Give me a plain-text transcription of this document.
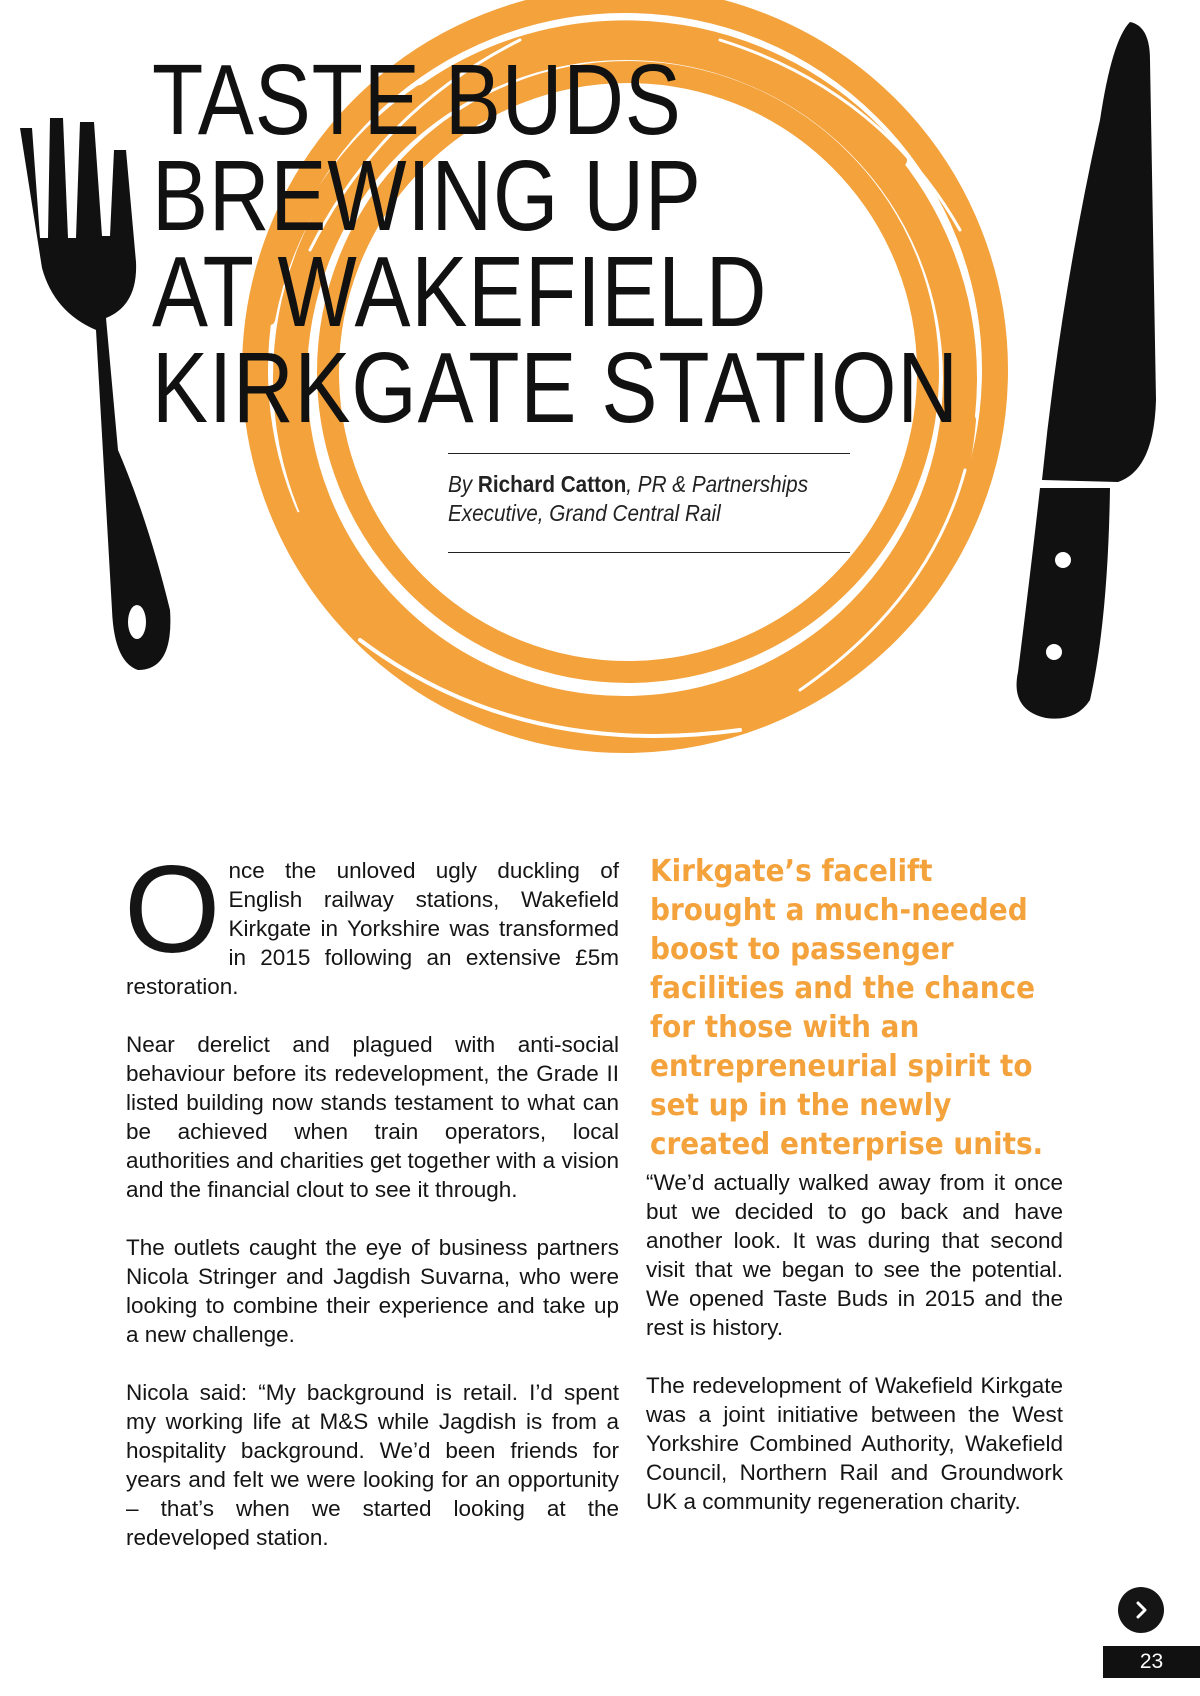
TASTE BUDS
BREWING UP
AT WAKEFIELD
KIRKGATE STATION
By Richard Catton, PR & Partnerships
Executive, Grand Central Rail

Once the unloved ugly duckling of English railway stations, Wakefield Kirkgate in Yorkshire was transformed in 2015 following an extensive £5m restoration.

Near derelict and plagued with anti-social behaviour before its redevelopment, the Grade II listed building now stands testament to what can be achieved when train operators, local authorities and charities get together with a vision and the financial clout to see it through.

The outlets caught the eye of business partners Nicola Stringer and Jagdish Suvarna, who were looking to combine their experience and take up a new challenge.

Nicola said: “My background is retail. I’d spent my working life at M&S while Jagdish is from a hospitality background. We’d been friends for years and felt we were looking for an opportunity – that’s when we started looking at the redeveloped station.

Kirkgate’s facelift brought a much-needed boost to passenger facilities and the chance for those with an entrepreneurial spirit to set up in the newly created enterprise units.

“We’d actually walked away from it once but we decided to go back and have another look. It was during that second visit that we began to see the potential. We opened Taste Buds in 2015 and the rest is history.

The redevelopment of Wakefield Kirkgate was a joint initiative between the West Yorkshire Combined Authority, Wakefield Council, Northern Rail and Groundwork UK a community regeneration charity.

23
